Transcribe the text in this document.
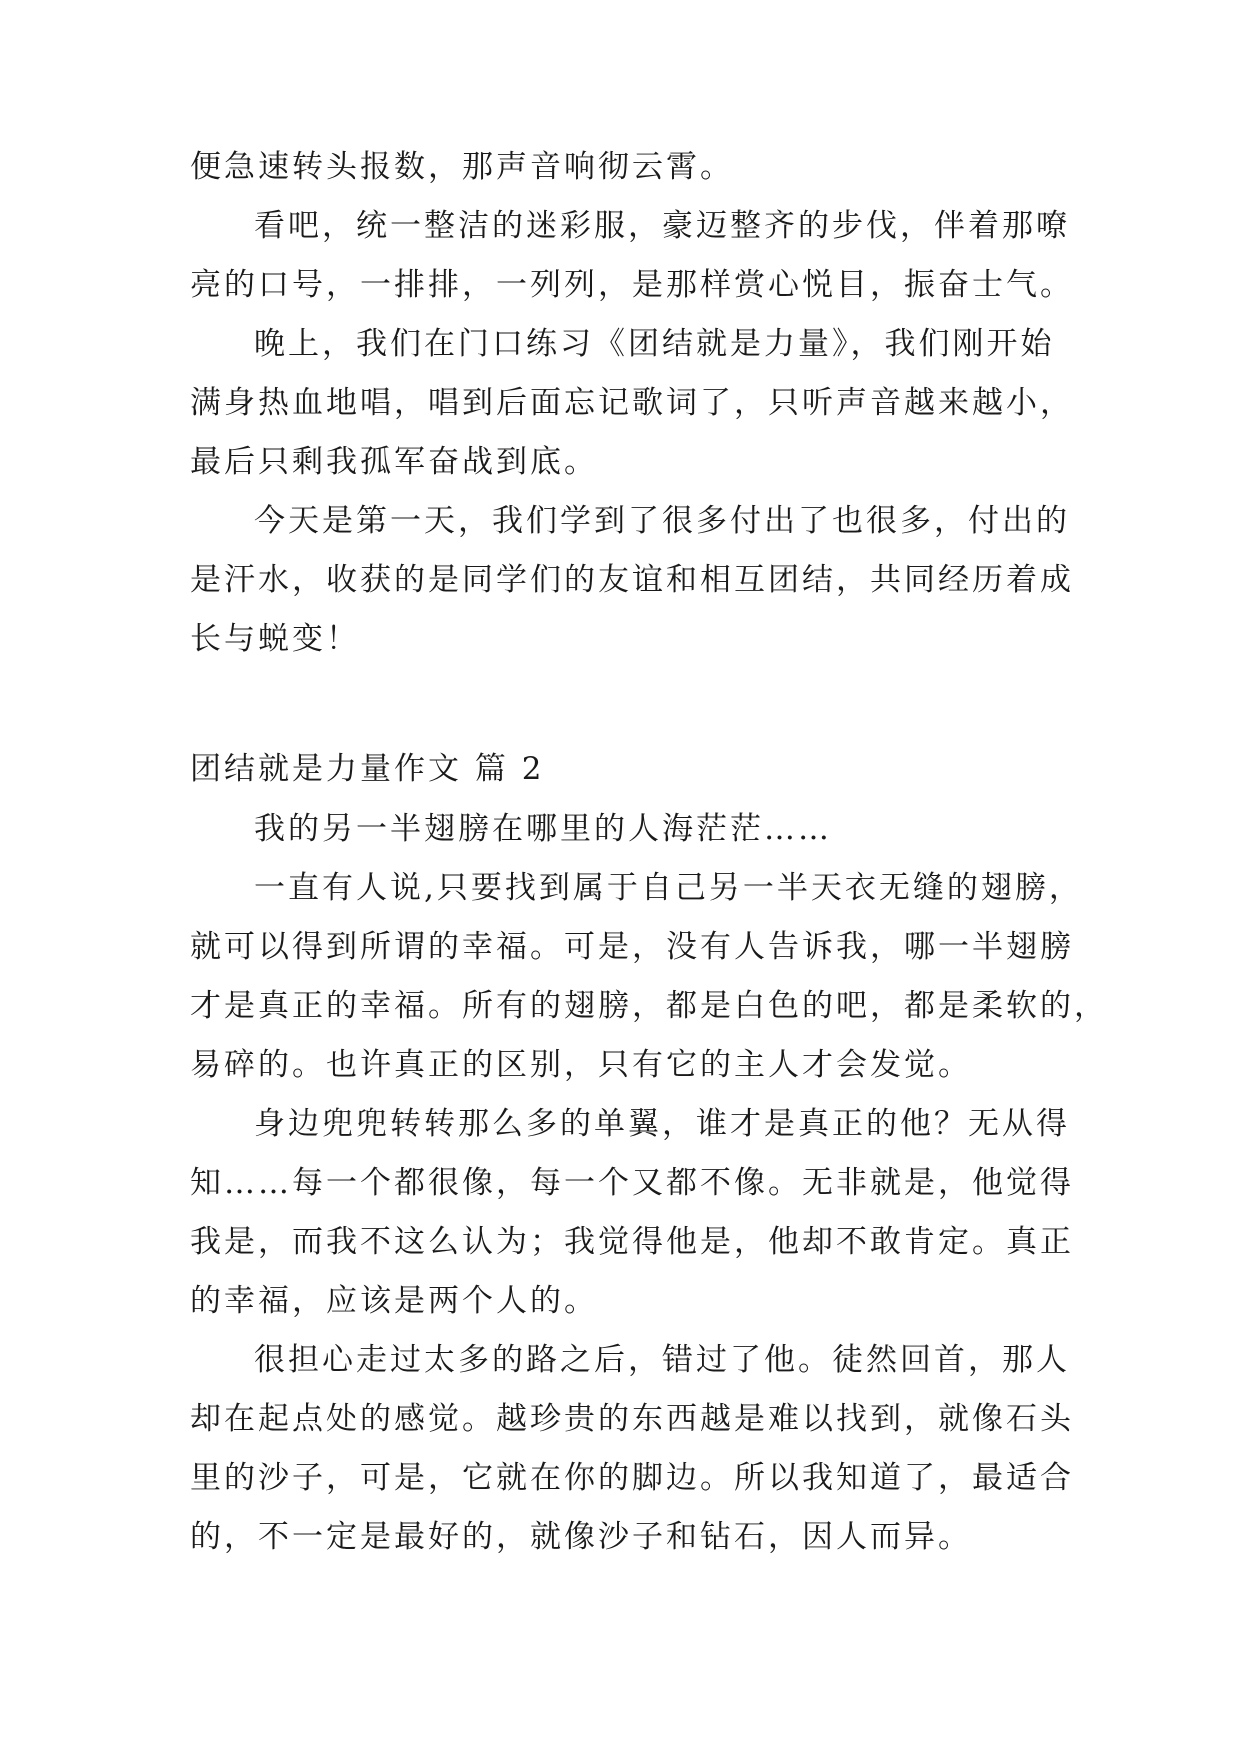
便急速转头报数，那声音响彻云霄。
看吧，统一整洁的迷彩服，豪迈整齐的步伐，伴着那嘹
亮的口号，一排排，一列列，是那样赏心悦目，振奋士气。
晚上，我们在门口练习《团结就是力量》，我们刚开始
满身热血地唱，唱到后面忘记歌词了，只听声音越来越小，
最后只剩我孤军奋战到底。
今天是第一天，我们学到了很多付出了也很多，付出的
是汗水，收获的是同学们的友谊和相互团结，共同经历着成
长与蜕变！
团结就是力量作文 篇 2
我的另一半翅膀在哪里的人海茫茫……
一直有人说,只要找到属于自己另一半天衣无缝的翅膀，
就可以得到所谓的幸福。可是，没有人告诉我，哪一半翅膀
才是真正的幸福。所有的翅膀，都是白色的吧，都是柔软的，
易碎的。也许真正的区别，只有它的主人才会发觉。
身边兜兜转转那么多的单翼，谁才是真正的他？无从得
知……每一个都很像，每一个又都不像。无非就是，他觉得
我是，而我不这么认为；我觉得他是，他却不敢肯定。真正
的幸福，应该是两个人的。
很担心走过太多的路之后，错过了他。徒然回首，那人
却在起点处的感觉。越珍贵的东西越是难以找到，就像石头
里的沙子，可是，它就在你的脚边。所以我知道了，最适合
的，不一定是最好的，就像沙子和钻石，因人而异。
